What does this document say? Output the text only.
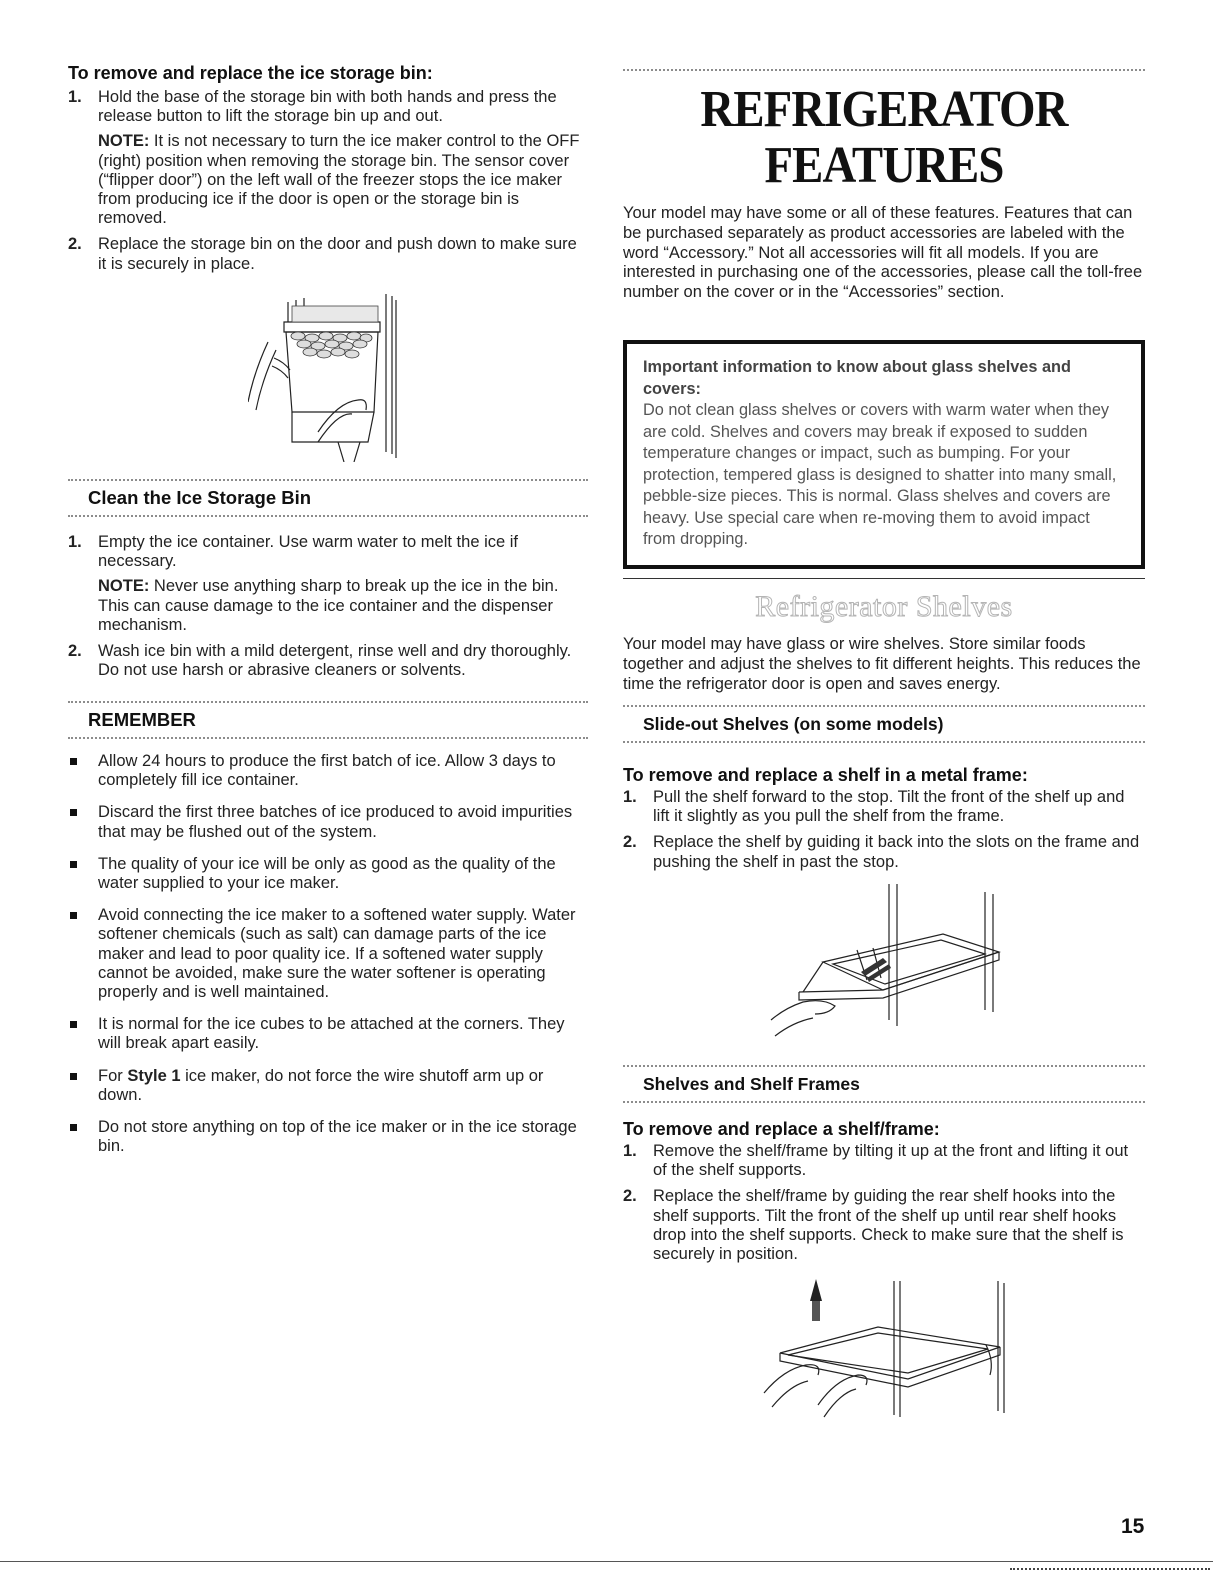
To remove and replace the ice storage bin:
1. Hold the base of the storage bin with both hands and press the release button to lift the storage bin up and out.
NOTE: It is not necessary to turn the ice maker control to the OFF (right) position when removing the storage bin. The sensor cover (“flipper door”) on the left wall of the freezer stops the ice maker from producing ice if the door is open or the storage bin is removed.
2. Replace the storage bin on the door and push down to make sure it is securely in place.
Clean the Ice Storage Bin
1. Empty the ice container. Use warm water to melt the ice if necessary.
NOTE: Never use anything sharp to break up the ice in the bin. This can cause damage to the ice container and the dispenser mechanism.
2. Wash ice bin with a mild detergent, rinse well and dry thoroughly. Do not use harsh or abrasive cleaners or solvents.
REMEMBER
Allow 24 hours to produce the first batch of ice. Allow 3 days to completely fill ice container.
Discard the first three batches of ice produced to avoid impurities that may be flushed out of the system.
The quality of your ice will be only as good as the quality of the water supplied to your ice maker.
Avoid connecting the ice maker to a softened water supply. Water softener chemicals (such as salt) can damage parts of the ice maker and lead to poor quality ice. If a softened water supply cannot be avoided, make sure the water softener is operating properly and is well maintained.
It is normal for the ice cubes to be attached at the corners. They will break apart easily.
For Style 1 ice maker, do not force the wire shutoff arm up or down.
Do not store anything on top of the ice maker or in the ice storage bin.
REFRIGERATOR
FEATURES

Your model may have some or all of these features. Features that can be purchased separately as product accessories are labeled with the word “Accessory.” Not all accessories will fit all models. If you are interested in purchasing one of the accessories, please call the toll-free number on the cover or in the “Accessories” section.

Important information to know about glass shelves and covers:
Do not clean glass shelves or covers with warm water when they are cold. Shelves and covers may break if exposed to sudden temperature changes or impact, such as bumping. For your protection, tempered glass is designed to shatter into many small, pebble-size pieces. This is normal. Glass shelves and covers are heavy. Use special care when re-moving them to avoid impact from dropping.
Refrigerator Shelves

Your model may have glass or wire shelves. Store similar foods together and adjust the shelves to fit different heights. This reduces the time the refrigerator door is open and saves energy.

Slide-out Shelves (on some models)
To remove and replace a shelf in a metal frame:
1. Pull the shelf forward to the stop. Tilt the front of the shelf up and lift it slightly as you pull the shelf from the frame.
2. Replace the shelf by guiding it back into the slots on the frame and pushing the shelf in past the stop.
Shelves and Shelf Frames
To remove and replace a shelf/frame:
1. Remove the shelf/frame by tilting it up at the front and lifting it out of the shelf supports.
2. Replace the shelf/frame by guiding the rear shelf hooks into the shelf supports. Tilt the front of the shelf up until rear shelf hooks drop into the shelf supports. Check to make sure that the shelf is securely in position.
15
